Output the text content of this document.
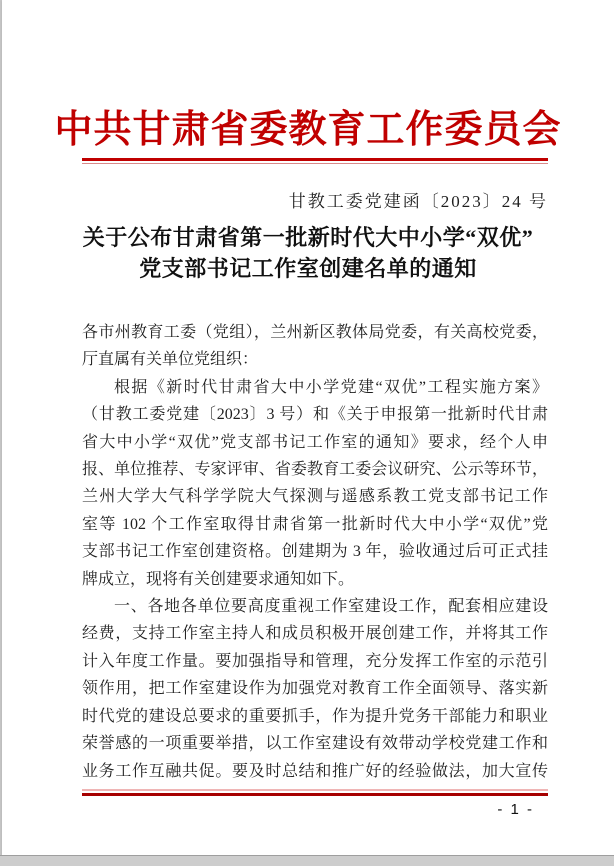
中共甘肃省委教育工作委员会
甘教工委党建函〔2023〕24 号
关于公布甘肃省第一批新时代大中小学“双优”
党支部书记工作室创建名单的通知
各市州教育工委（党组），兰州新区教体局党委，有关高校党委，
厅直属有关单位党组织：
根据《新时代甘肃省大中小学党建“双优”工程实施方案》
（甘教工委党建〔2023〕3 号）和《关于申报第一批新时代甘肃
省大中小学“双优”党支部书记工作室的通知》要求，经个人申
报、单位推荐、专家评审、省委教育工委会议研究、公示等环节，
兰州大学大气科学学院大气探测与遥感系教工党支部书记工作
室等 102 个工作室取得甘肃省第一批新时代大中小学“双优”党
支部书记工作室创建资格。创建期为 3 年，验收通过后可正式挂
牌成立，现将有关创建要求通知如下。
一、各地各单位要高度重视工作室建设工作，配套相应建设
经费，支持工作室主持人和成员积极开展创建工作，并将其工作
计入年度工作量。要加强指导和管理，充分发挥工作室的示范引
领作用，把工作室建设作为加强党对教育工作全面领导、落实新
时代党的建设总要求的重要抓手，作为提升党务干部能力和职业
荣誉感的一项重要举措，以工作室建设有效带动学校党建工作和
业务工作互融共促。要及时总结和推广好的经验做法，加大宣传
- 1 -
